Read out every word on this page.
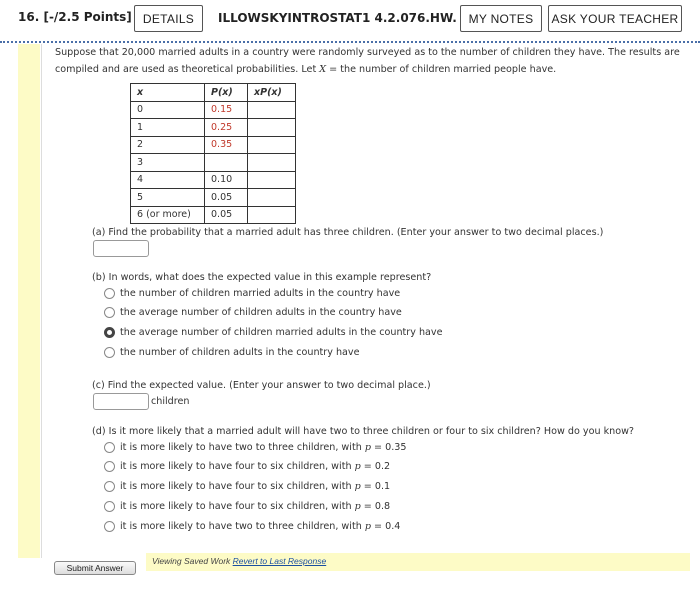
16. [-/2.5 Points] DETAILS	ILLOWSKYINTROSTAT1 4.2.076.HW. MY NOTES	ASK YOUR TEACHER
Suppose that 20,000 married adults in a country were randomly surveyed as to the number of children they have. The results are
compiled and are used as theoretical probabilities. Let X = the number of children married people have.
x	P(x)	xP(x)
0	0.15	
1	0.25	
2	0.35	
3		
4	0.10	
5	0.05	
6 (or more)	0.05	
(a) Find the probability that a married adult has three children. (Enter your answer to two decimal places.)
(b) In words, what does the expected value in this example represent?
the number of children married adults in the country have
the average number of children adults in the country have
the average number of children married adults in the country have
the number of children adults in the country have
(c) Find the expected value. (Enter your answer to two decimal place.)
children
(d) Is it more likely that a married adult will have two to three children or four to six children? How do you know?
it is more likely to have two to three children, with p = 0.35
it is more likely to have four to six children, with p = 0.2
it is more likely to have four to six children, with p = 0.1
it is more likely to have four to six children, with p = 0.8
it is more likely to have two to three children, with p = 0.4
Viewing Saved Work Revert to Last Response
Submit Answer
